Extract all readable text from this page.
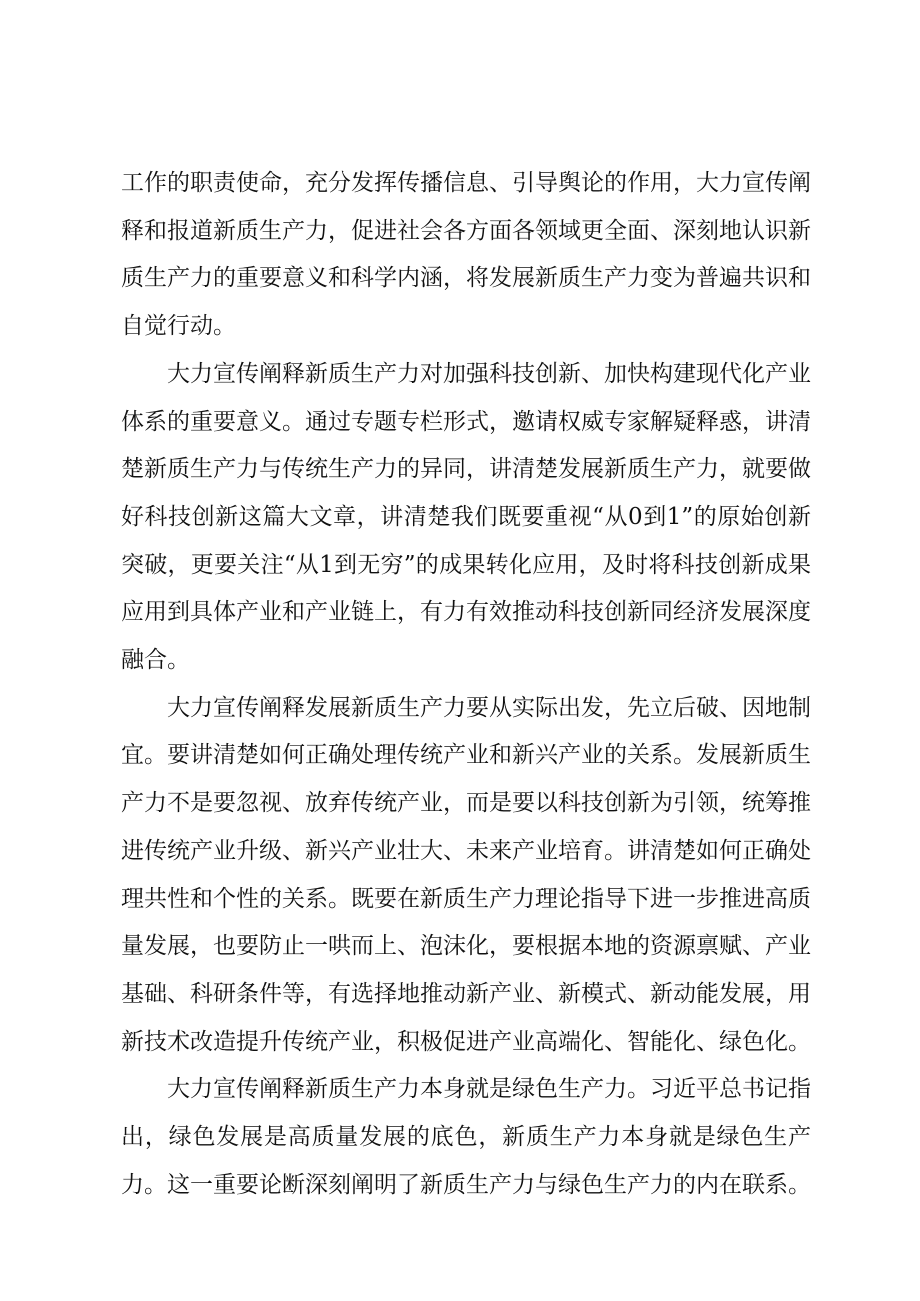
工作的职责使命，充分发挥传播信息、引导舆论的作用，大力宣传阐释和报道新质生产力，促进社会各方面各领域更全面、深刻地认识新质生产力的重要意义和科学内涵，将发展新质生产力变为普遍共识和自觉行动。

大力宣传阐释新质生产力对加强科技创新、加快构建现代化产业体系的重要意义。通过专题专栏形式，邀请权威专家解疑释惑，讲清楚新质生产力与传统生产力的异同，讲清楚发展新质生产力，就要做好科技创新这篇大文章，讲清楚我们既要重视“从0到1”的原始创新突破，更要关注“从1到无穷”的成果转化应用，及时将科技创新成果应用到具体产业和产业链上，有力有效推动科技创新同经济发展深度融合。

大力宣传阐释发展新质生产力要从实际出发，先立后破、因地制宜。要讲清楚如何正确处理传统产业和新兴产业的关系。发展新质生产力不是要忽视、放弃传统产业，而是要以科技创新为引领，统筹推进传统产业升级、新兴产业壮大、未来产业培育。讲清楚如何正确处理共性和个性的关系。既要在新质生产力理论指导下进一步推进高质量发展，也要防止一哄而上、泡沫化，要根据本地的资源禀赋、产业基础、科研条件等，有选择地推动新产业、新模式、新动能发展，用新技术改造提升传统产业，积极促进产业高端化、智能化、绿色化。

大力宣传阐释新质生产力本身就是绿色生产力。习近平总书记指出，绿色发展是高质量发展的底色，新质生产力本身就是绿色生产力。这一重要论断深刻阐明了新质生产力与绿色生产力的内在联系。
